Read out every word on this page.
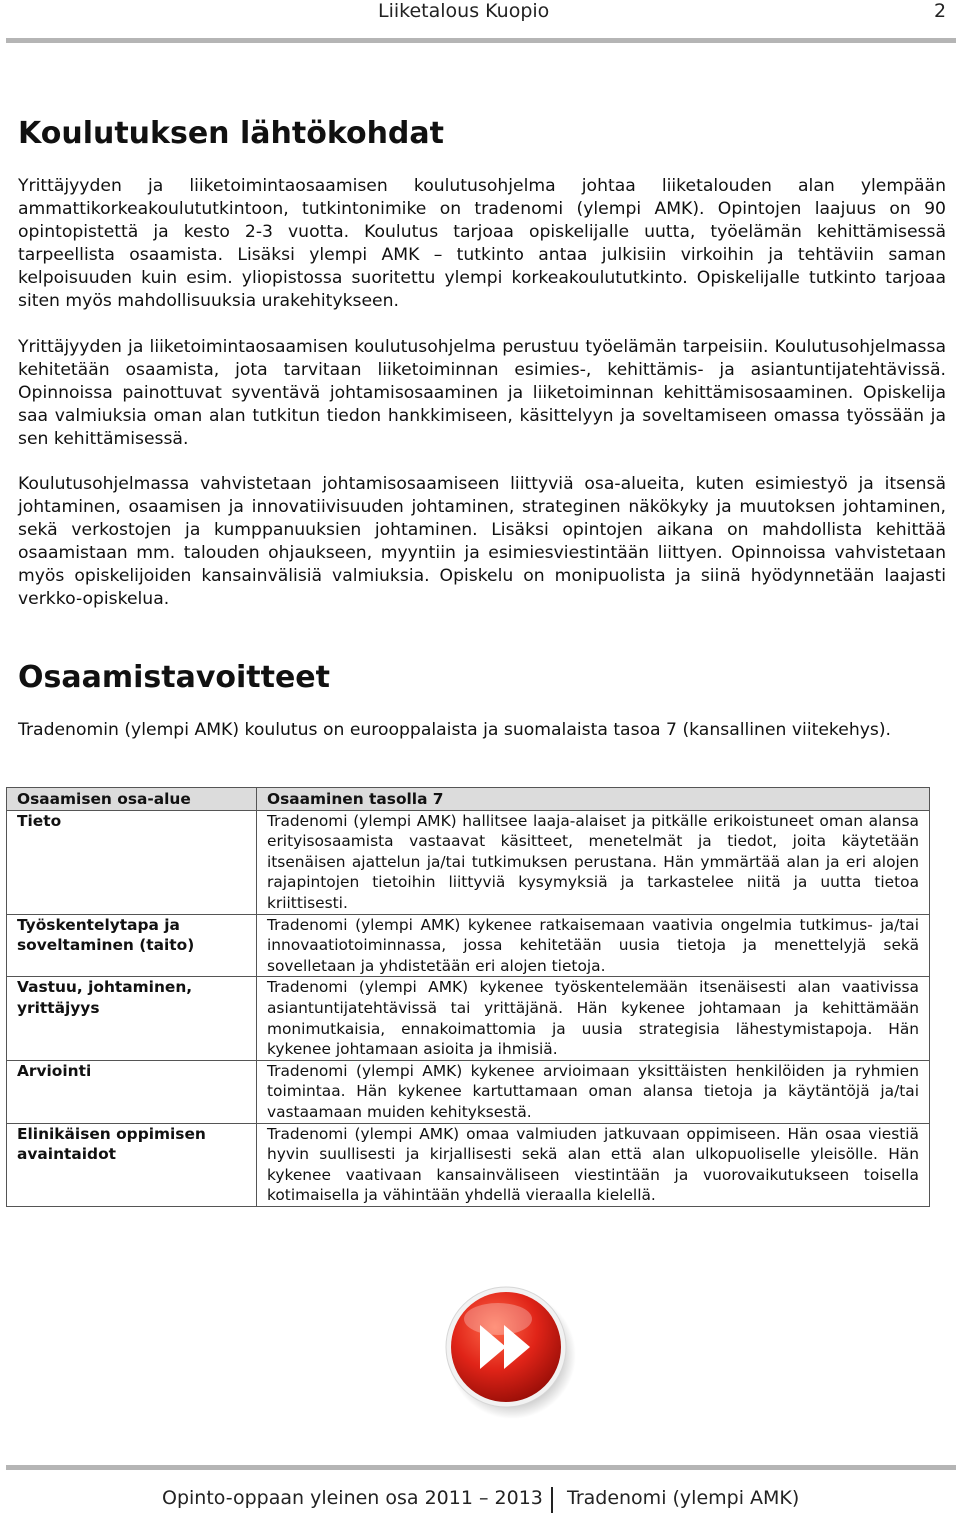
Liiketalous Kuopio	2
Koulutuksen lähtökohdat

Yrittäjyyden ja liiketoimintaosaamisen koulutusohjelma johtaa liiketalouden alan ylempään ammattikorkeakoulututkintoon, tutkintonimike on tradenomi (ylempi AMK). Opintojen laajuus on 90 opintopistettä ja kesto 2-3 vuotta. Koulutus tarjoaa opiskelijalle uutta, työelämän kehittämisessä tarpeellista osaamista. Lisäksi ylempi AMK – tutkinto antaa julkisiin virkoihin ja tehtäviin saman kelpoisuuden kuin esim. yliopistossa suoritettu ylempi korkeakoulututkinto. Opiskelijalle tutkinto tarjoaa siten myös mahdollisuuksia urakehitykseen.

Yrittäjyyden ja liiketoimintaosaamisen koulutusohjelma perustuu työelämän tarpeisiin. Koulutusohjelmassa kehitetään osaamista, jota tarvitaan liiketoiminnan esimies-, kehittämis- ja asiantuntijatehtävissä. Opinnoissa painottuvat syventävä johtamisosaaminen ja liiketoiminnan kehittämisosaaminen. Opiskelija saa valmiuksia oman alan tutkitun tiedon hankkimiseen, käsittelyyn ja soveltamiseen omassa työssään ja sen kehittämisessä.

Koulutusohjelmassa vahvistetaan johtamisosaamiseen liittyviä osa-alueita, kuten esimiestyö ja itsensä johtaminen, osaamisen ja innovatiivisuuden johtaminen, strateginen näkökyky ja muutoksen johtaminen, sekä verkostojen ja kumppanuuksien johtaminen. Lisäksi opintojen aikana on mahdollista kehittää osaamistaan mm. talouden ohjaukseen, myyntiin ja esimiesviestintään liittyen. Opinnoissa vahvistetaan myös opiskelijoiden kansainvälisiä valmiuksia. Opiskelu on monipuolista ja siinä hyödynnetään laajasti verkko-opiskelua.

Osaamistavoitteet

Tradenomin (ylempi AMK) koulutus on eurooppalaista ja suomalaista tasoa 7 (kansallinen viitekehys).

Osaamisen osa-alue	Osaaminen tasolla 7
Tieto	Tradenomi (ylempi AMK) hallitsee laaja-alaiset ja pitkälle erikoistuneet oman alansa erityisosaamista vastaavat käsitteet, menetelmät ja tiedot, joita käytetään itsenäisen ajattelun ja/tai tutkimuksen perustana. Hän ymmärtää alan ja eri alojen rajapintojen tietoihin liittyviä kysymyksiä ja tarkastelee niitä ja uutta tietoa kriittisesti.
Työskentelytapa ja soveltaminen (taito)	Tradenomi (ylempi AMK) kykenee ratkaisemaan vaativia ongelmia tutkimus- ja/tai innovaatiotoiminnassa, jossa kehitetään uusia tietoja ja menettelyjä sekä sovelletaan ja yhdistetään eri alojen tietoja.
Vastuu, johtaminen, yrittäjyys	Tradenomi (ylempi AMK) kykenee työskentelemään itsenäisesti alan vaativissa asiantuntijatehtävissä tai yrittäjänä. Hän kykenee johtamaan ja kehittämään monimutkaisia, ennakoimattomia ja uusia strategisia lähestymistapoja. Hän kykenee johtamaan asioita ja ihmisiä.
Arviointi	Tradenomi (ylempi AMK) kykenee arvioimaan yksittäisten henkilöiden ja ryhmien toimintaa. Hän kykenee kartuttamaan oman alansa tietoja ja käytäntöjä ja/tai vastaamaan muiden kehityksestä.
Elinikäisen oppimisen avaintaidot	Tradenomi (ylempi AMK) omaa valmiuden jatkuvaan oppimiseen. Hän osaa viestiä hyvin suullisesti ja kirjallisesti sekä alan että alan ulkopuoliselle yleisölle. Hän kykenee vaativaan kansainväliseen viestintään ja vuorovaikutukseen toisella kotimaisella ja vähintään yhdellä vieraalla kielellä.
Opinto-oppaan yleinen osa 2011 – 2013 Tradenomi (ylempi AMK)
